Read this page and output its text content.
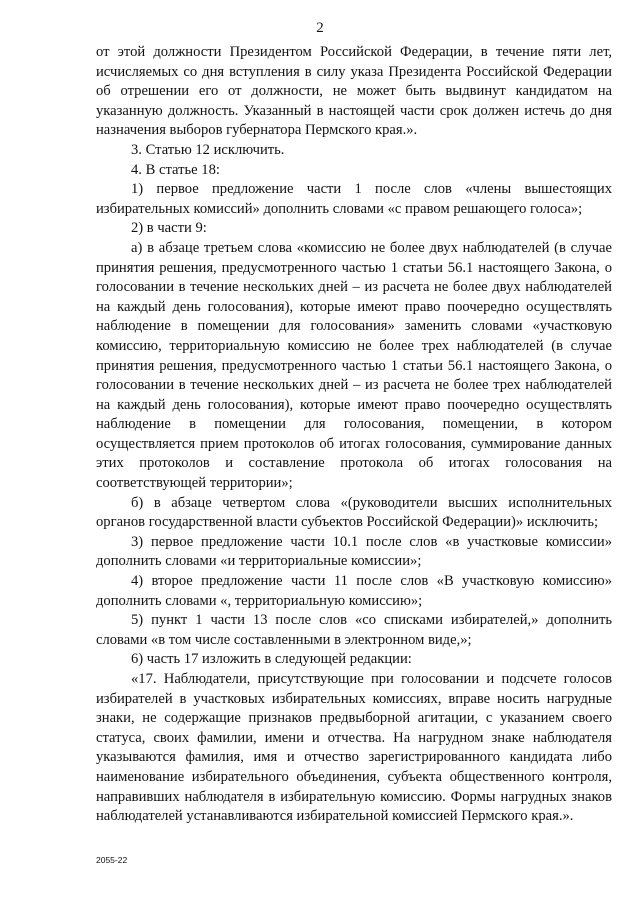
2

от этой должности Президентом Российской Федерации, в течение пяти лет, исчисляемых со дня вступления в силу указа Президента Российской Федерации об отрешении его от должности, не может быть выдвинут кандидатом на указанную должность. Указанный в настоящей части срок должен истечь до дня назначения выборов губернатора Пермского края.».

3. Статью 12 исключить.

4. В статье 18:

1) первое предложение части 1 после слов «члены вышестоящих избирательных комиссий» дополнить словами «с правом решающего голоса»;

2) в части 9:

а) в абзаце третьем слова «комиссию не более двух наблюдателей (в случае принятия решения, предусмотренного частью 1 статьи 56.1 настоящего Закона, о голосовании в течение нескольких дней – из расчета не более двух наблюдателей на каждый день голосования), которые имеют право поочередно осуществлять наблюдение в помещении для голосования» заменить словами «участковую комиссию, территориальную комиссию не более трех наблюдателей (в случае принятия решения, предусмотренного частью 1 статьи 56.1 настоящего Закона, о голосовании в течение нескольких дней – из расчета не более трех наблюдателей на каждый день голосования), которые имеют право поочередно осуществлять наблюдение в помещении для голосования, помещении, в котором осуществляется прием протоколов об итогах голосования, суммирование данных этих протоколов и составление протокола об итогах голосования на соответствующей территории»;

б) в абзаце четвертом слова «(руководители высших исполнительных органов государственной власти субъектов Российской Федерации)» исключить;

3) первое предложение части 10.1 после слов «в участковые комиссии» дополнить словами «и территориальные комиссии»;

4) второе предложение части 11 после слов «В участковую комиссию» дополнить словами «, территориальную комиссию»;

5) пункт 1 части 13 после слов «со списками избирателей,» дополнить словами «в том числе составленными в электронном виде,»;

6) часть 17 изложить в следующей редакции:

«17. Наблюдатели, присутствующие при голосовании и подсчете голосов избирателей в участковых избирательных комиссиях, вправе носить нагрудные знаки, не содержащие признаков предвыборной агитации, с указанием своего статуса, своих фамилии, имени и отчества. На нагрудном знаке наблюдателя указываются фамилия, имя и отчество зарегистрированного кандидата либо наименование избирательного объединения, субъекта общественного контроля, направивших наблюдателя в избирательную комиссию. Формы нагрудных знаков наблюдателей устанавливаются избирательной комиссией Пермского края.».

2055-22
